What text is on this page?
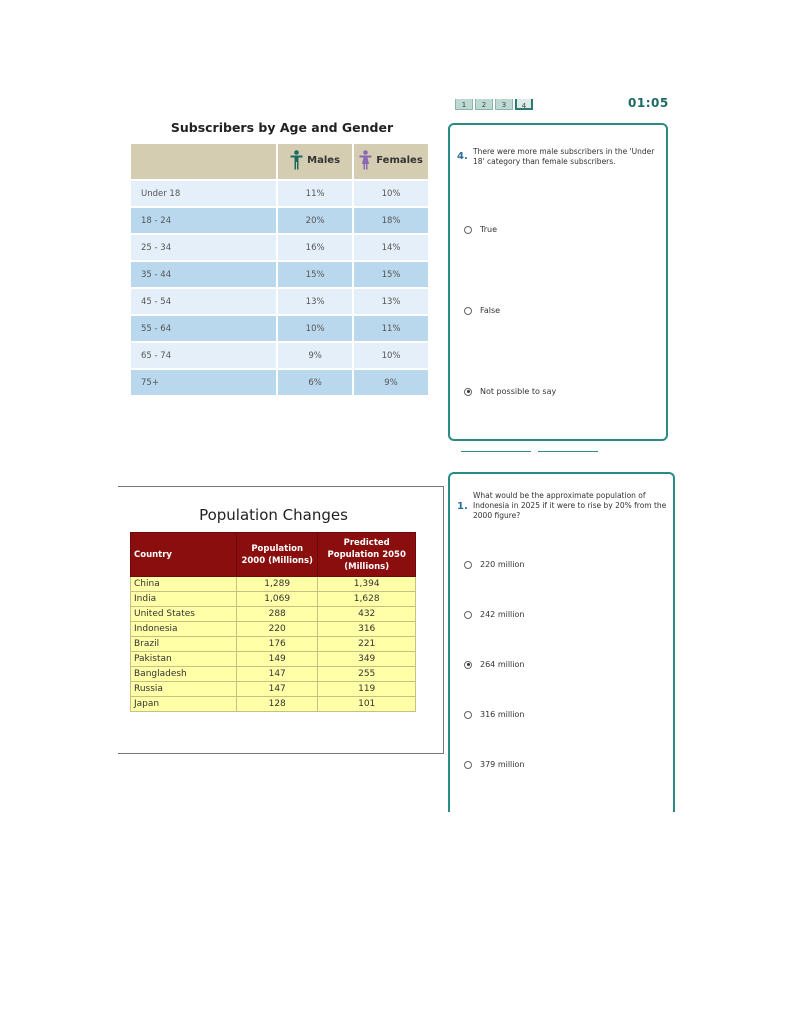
1	2	3	4	01:05
Subscribers by Age and Gender

	Males	Females

Under 18	11%	10%
18 - 24	20%	18%
25 - 34	16%	14%
35 - 44	15%	15%
45 - 54	13%	13%
55 - 64	10%	11%
65 - 74	9%	10%
75+	6%	9%
4. There were more male subscribers in the 'Under 18' category than female subscribers.
True
False
Not possible to say
Population Changes
Country	Population 2000 (Millions)	Predicted Population 2050 (Millions)
China	1,289	1,394
India	1,069	1,628
United States	288	432
Indonesia	220	316
Brazil	176	221
Pakistan	149	349
Bangladesh	147	255
Russia	147	119
Japan	128	101
1.
What would be the approximate population of Indonesia in 2025 if it were to rise by 20% from the 2000 figure?
220 million
242 million
264 million
316 million
379 million
